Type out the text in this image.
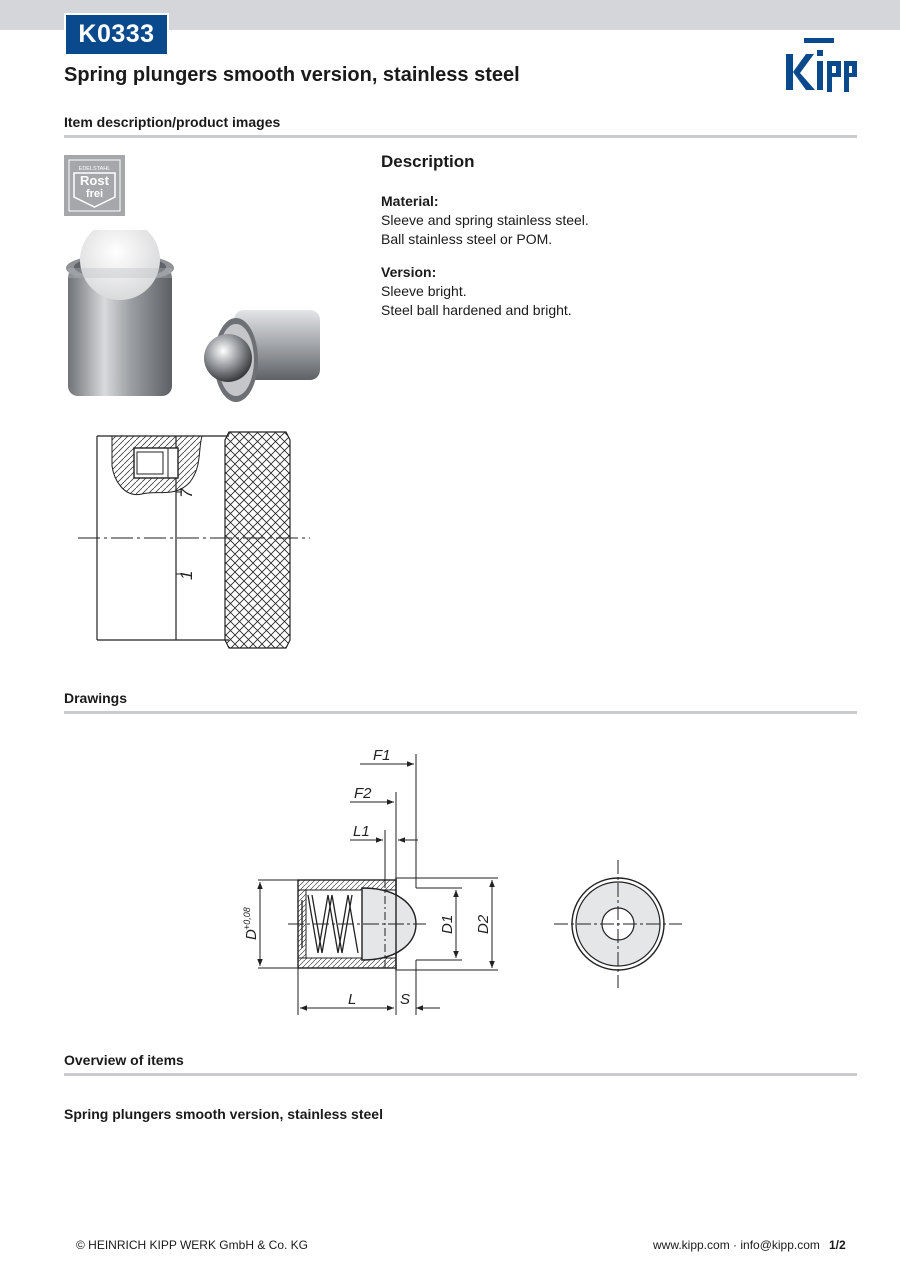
K0333
Spring plungers smooth version, stainless steel
Item description/product images
EDELSTAHL
Rost
frei
7
1
Description

Material:

Sleeve and spring stainless steel.

Ball stainless steel or POM.

Version:

Sleeve bright.

Steel ball hardened and bright.

Drawings
F1
F2
L1
L	S
D
+0,08	D1 D2
Overview of items

Spring plungers smooth version, stainless steel

© HEINRICH KIPP WERK GmbH & Co. KG	www.kipp.com · info@kipp.com 1/2
